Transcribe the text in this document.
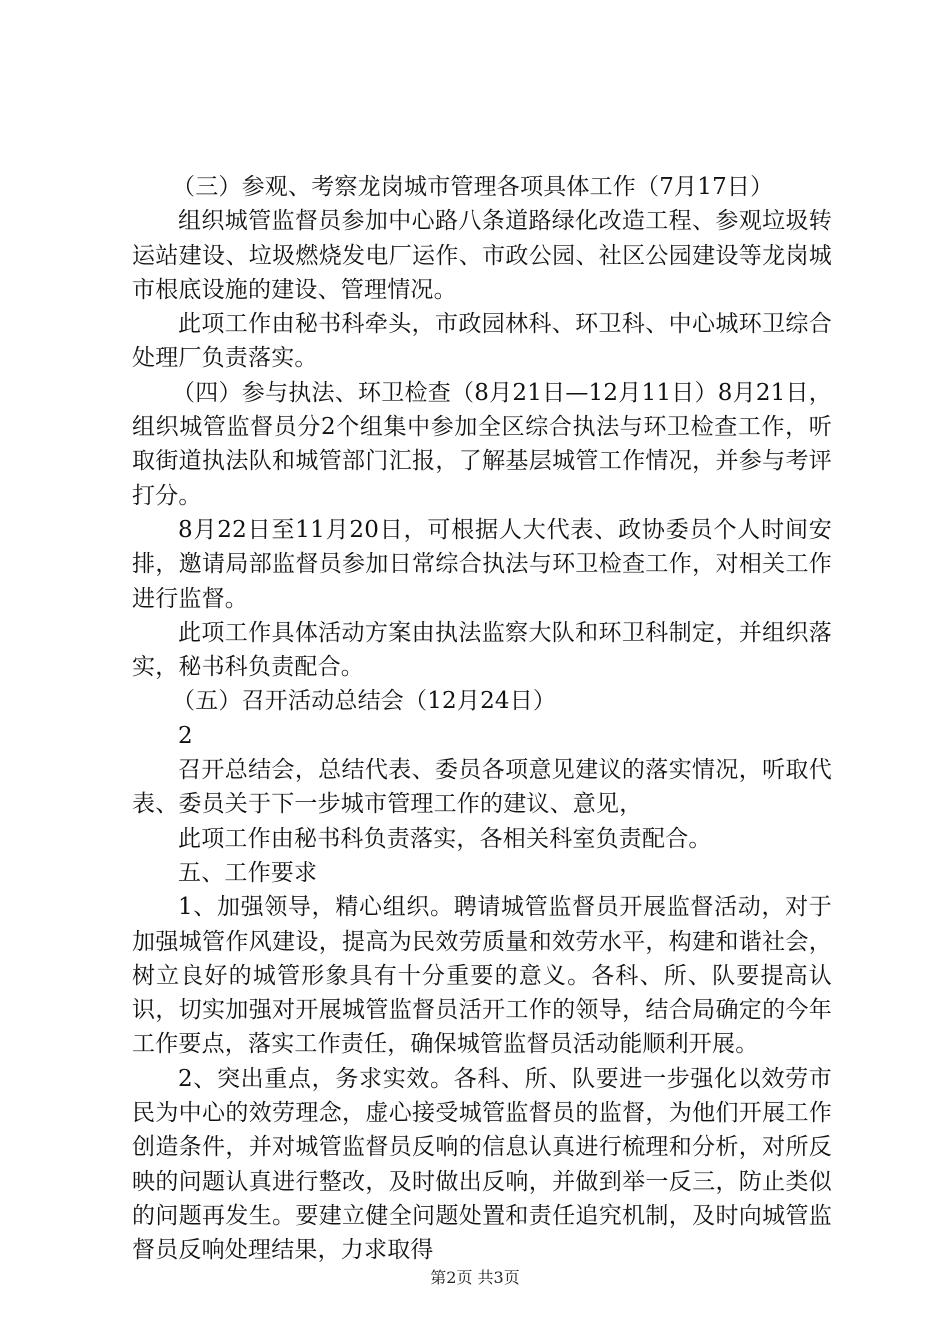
（三）参观、考察龙岗城市管理各项具体工作（7月17日）

组织城管监督员参加中心路八条道路绿化改造工程、参观垃圾转运站建设、垃圾燃烧发电厂运作、市政公园、社区公园建设等龙岗城市根底设施的建设、管理情况。

此项工作由秘书科牵头，市政园林科、环卫科、中心城环卫综合处理厂负责落实。

（四）参与执法、环卫检查（8月21日—12月11日）8月21日，组织城管监督员分2个组集中参加全区综合执法与环卫检查工作，听取街道执法队和城管部门汇报，了解基层城管工作情况，并参与考评打分。

8月22日至11月20日，可根据人大代表、政协委员个人时间安排，邀请局部监督员参加日常综合执法与环卫检查工作，对相关工作进行监督。

此项工作具体活动方案由执法监察大队和环卫科制定，并组织落实，秘书科负责配合。

（五）召开活动总结会（12月24日）

2

召开总结会，总结代表、委员各项意见建议的落实情况，听取代表、委员关于下一步城市管理工作的建议、意见，

此项工作由秘书科负责落实，各相关科室负责配合。

五、工作要求

1、加强领导，精心组织。聘请城管监督员开展监督活动，对于加强城管作风建设，提高为民效劳质量和效劳水平，构建和谐社会，树立良好的城管形象具有十分重要的意义。各科、所、队要提高认识，切实加强对开展城管监督员活开工作的领导，结合局确定的今年工作要点，落实工作责任，确保城管监督员活动能顺利开展。

2、突出重点，务求实效。各科、所、队要进一步强化以效劳市民为中心的效劳理念，虚心接受城管监督员的监督，为他们开展工作创造条件，并对城管监督员反响的信息认真进行梳理和分析，对所反映的问题认真进行整改，及时做出反响，并做到举一反三，防止类似的问题再发生。要建立健全问题处置和责任追究机制，及时向城管监督员反响处理结果，力求取得

第2页 共3页
